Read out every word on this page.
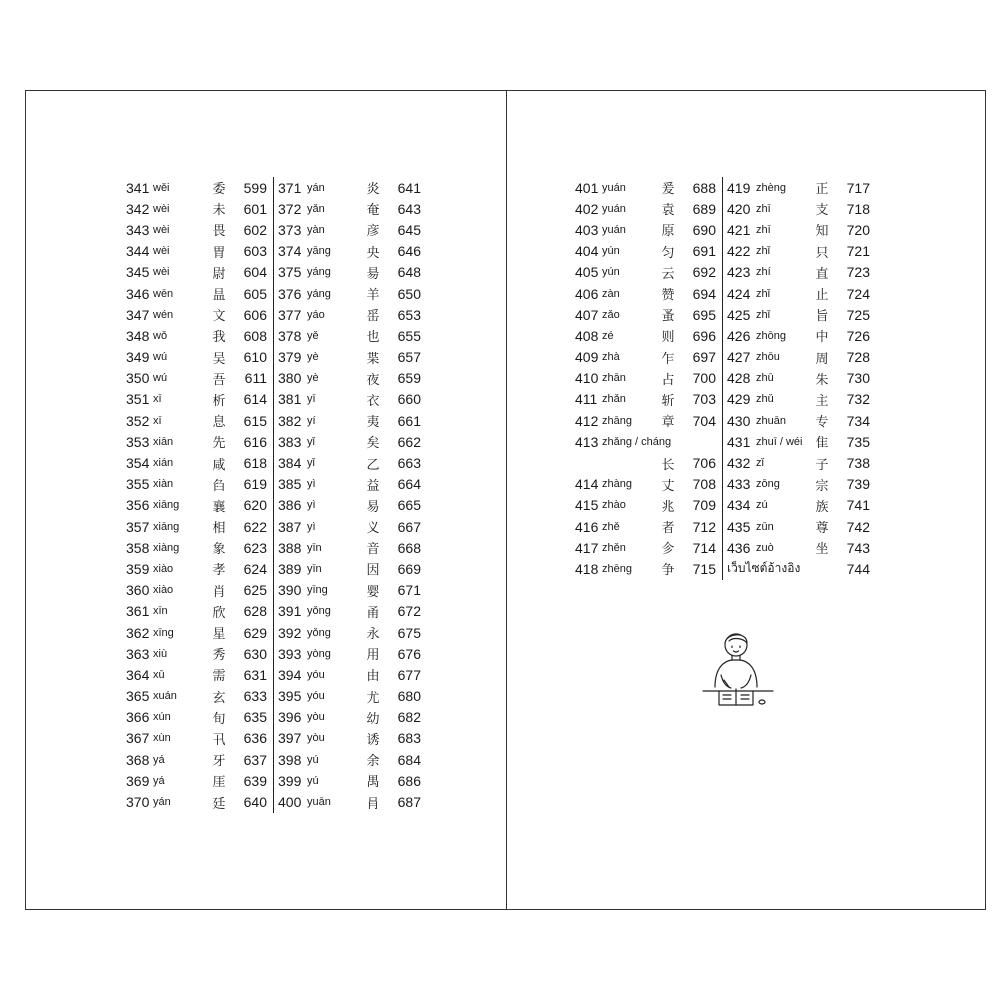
341	wěi	委	599	371	yán	炎	641
342	wèi	未	601	372	yǎn	奄	643
343	wèi	畏	602	373	yàn	彦	645
344	wèi	胃	603	374	yāng	央	646
345	wèi	尉	604	375	yáng	昜	648
346	wēn	昷	605	376	yáng	羊	650
347	wén	文	606	377	yáo	䍃	653
348	wǒ	我	608	378	yě	也	655
349	wú	吴	610	379	yè	枼	657
350	wú	吾	611	380	yè	夜	659
351	xī	析	614	381	yī	衣	660
352	xī	息	615	382	yí	夷	661
353	xiān	先	616	383	yǐ	矣	662
354	xián	咸	618	384	yǐ	乙	663
355	xiàn	臽	619	385	yì	益	664
356	xiāng	襄	620	386	yì	易	665
357	xiāng	相	622	387	yì	义	667
358	xiàng	象	623	388	yīn	音	668
359	xiào	孝	624	389	yīn	因	669
360	xiào	肖	625	390	yīng	婴	671
361	xīn	欣	628	391	yǒng	甬	672
362	xīng	星	629	392	yǒng	永	675
363	xiù	秀	630	393	yòng	用	676
364	xū	需	631	394	yóu	由	677
365	xuán	玄	633	395	yóu	尤	680
366	xún	旬	635	396	yòu	幼	682
367	xùn	卂	636	397	yòu	诱	683
368	yá	牙	637	398	yú	余	684
369	yá	厓	639	399	yú	禺	686
370	yán	廷	640	400	yuān	肙	687
401	yuán	爰	688	419	zhèng	正	717
402	yuán	袁	689	420	zhī	支	718
403	yuán	原	690	421	zhī	知	720
404	yún	匀	691	422	zhǐ	只	721
405	yún	云	692	423	zhí	直	723
406	zàn	赞	694	424	zhǐ	止	724
407	zǎo	蚤	695	425	zhǐ	旨	725
408	zé	则	696	426	zhōng	中	726
409	zhà	乍	697	427	zhōu	周	728
410	zhān	占	700	428	zhū	朱	730
411	zhǎn	斩	703	429	zhǔ	主	732
412	zhāng	章	704	430	zhuān	专	734
413	zhǎng / cháng			431	zhuī / wéi	隹	735
		长	706	432	zǐ	子	738
414	zhàng	丈	708	433	zōng	宗	739
415	zhào	兆	709	434	zú	族	741
416	zhě	者	712	435	zūn	尊	742
417	zhěn	㐱	714	436	zuò	坐	743
418	zhēng	争	715	เว็บไซต์อ้างอิง			744
